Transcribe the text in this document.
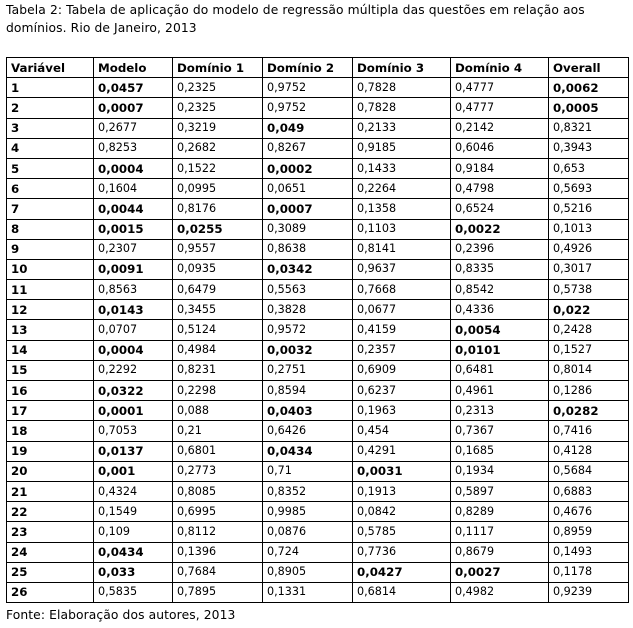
Tabela 2: Tabela de aplicação do modelo de regressão múltipla das questões em relação aos domínios. Rio de Janeiro, 2013
Variável	Modelo	Domínio 1	Domínio 2	Domínio 3	Domínio 4	Overall
1	0,0457	0,2325	0,9752	0,7828	0,4777	0,0062
2	0,0007	0,2325	0,9752	0,7828	0,4777	0,0005
3	0,2677	0,3219	0,049	0,2133	0,2142	0,8321
4	0,8253	0,2682	0,8267	0,9185	0,6046	0,3943
5	0,0004	0,1522	0,0002	0,1433	0,9184	0,653
6	0,1604	0,0995	0,0651	0,2264	0,4798	0,5693
7	0,0044	0,8176	0,0007	0,1358	0,6524	0,5216
8	0,0015	0,0255	0,3089	0,1103	0,0022	0,1013
9	0,2307	0,9557	0,8638	0,8141	0,2396	0,4926
10	0,0091	0,0935	0,0342	0,9637	0,8335	0,3017
11	0,8563	0,6479	0,5563	0,7668	0,8542	0,5738
12	0,0143	0,3455	0,3828	0,0677	0,4336	0,022
13	0,0707	0,5124	0,9572	0,4159	0,0054	0,2428
14	0,0004	0,4984	0,0032	0,2357	0,0101	0,1527
15	0,2292	0,8231	0,2751	0,6909	0,6481	0,8014
16	0,0322	0,2298	0,8594	0,6237	0,4961	0,1286
17	0,0001	0,088	0,0403	0,1963	0,2313	0,0282
18	0,7053	0,21	0,6426	0,454	0,7367	0,7416
19	0,0137	0,6801	0,0434	0,4291	0,1685	0,4128
20	0,001	0,2773	0,71	0,0031	0,1934	0,5684
21	0,4324	0,8085	0,8352	0,1913	0,5897	0,6883
22	0,1549	0,6995	0,9985	0,0842	0,8289	0,4676
23	0,109	0,8112	0,0876	0,5785	0,1117	0,8959
24	0,0434	0,1396	0,724	0,7736	0,8679	0,1493
25	0,033	0,7684	0,8905	0,0427	0,0027	0,1178
26	0,5835	0,7895	0,1331	0,6814	0,4982	0,9239
Fonte: Elaboração dos autores, 2013
